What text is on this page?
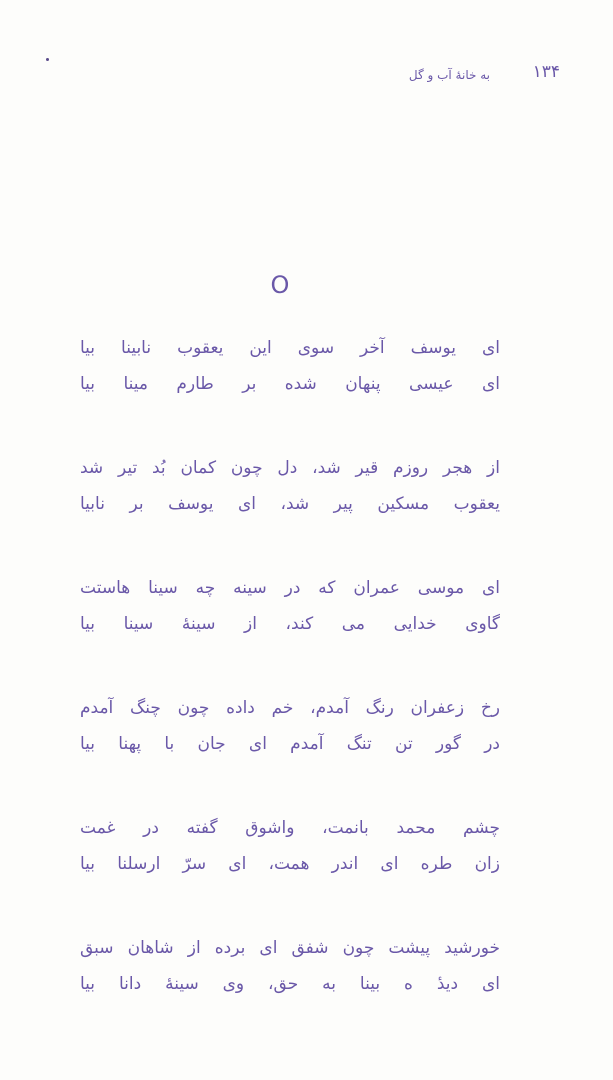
۱۳۴
به خانهٔ آب و گل
O
ای یوسف آخر سوی این یعقوب نابینا بیا
ای عیسی پنهان شده بر طارم مینا بیا
از هجر روزم قیر شد، دل چون کمان بُد تیر شد
یعقوب مسکین پیر شد، ای یوسف بر نابیا
ای موسی عمران که در سینه چه سینا هاستت
گاوی خدایی می کند، از سینهٔ سینا بیا
رخ زعفران رنگ آمدم، خم داده چون چنگ آمدم
در گور تن تنگ آمدم ای جان با پهنا بیا
چشم محمد بانمت، واشوق گفته در غمت
زان طره ای اندر همت، ای سرّ ارسلنا بیا
خورشید پیشت چون شفق ای برده از شاهان سبق
ای دیدٔ ه بینا به حق، وی سینهٔ دانا بیا
